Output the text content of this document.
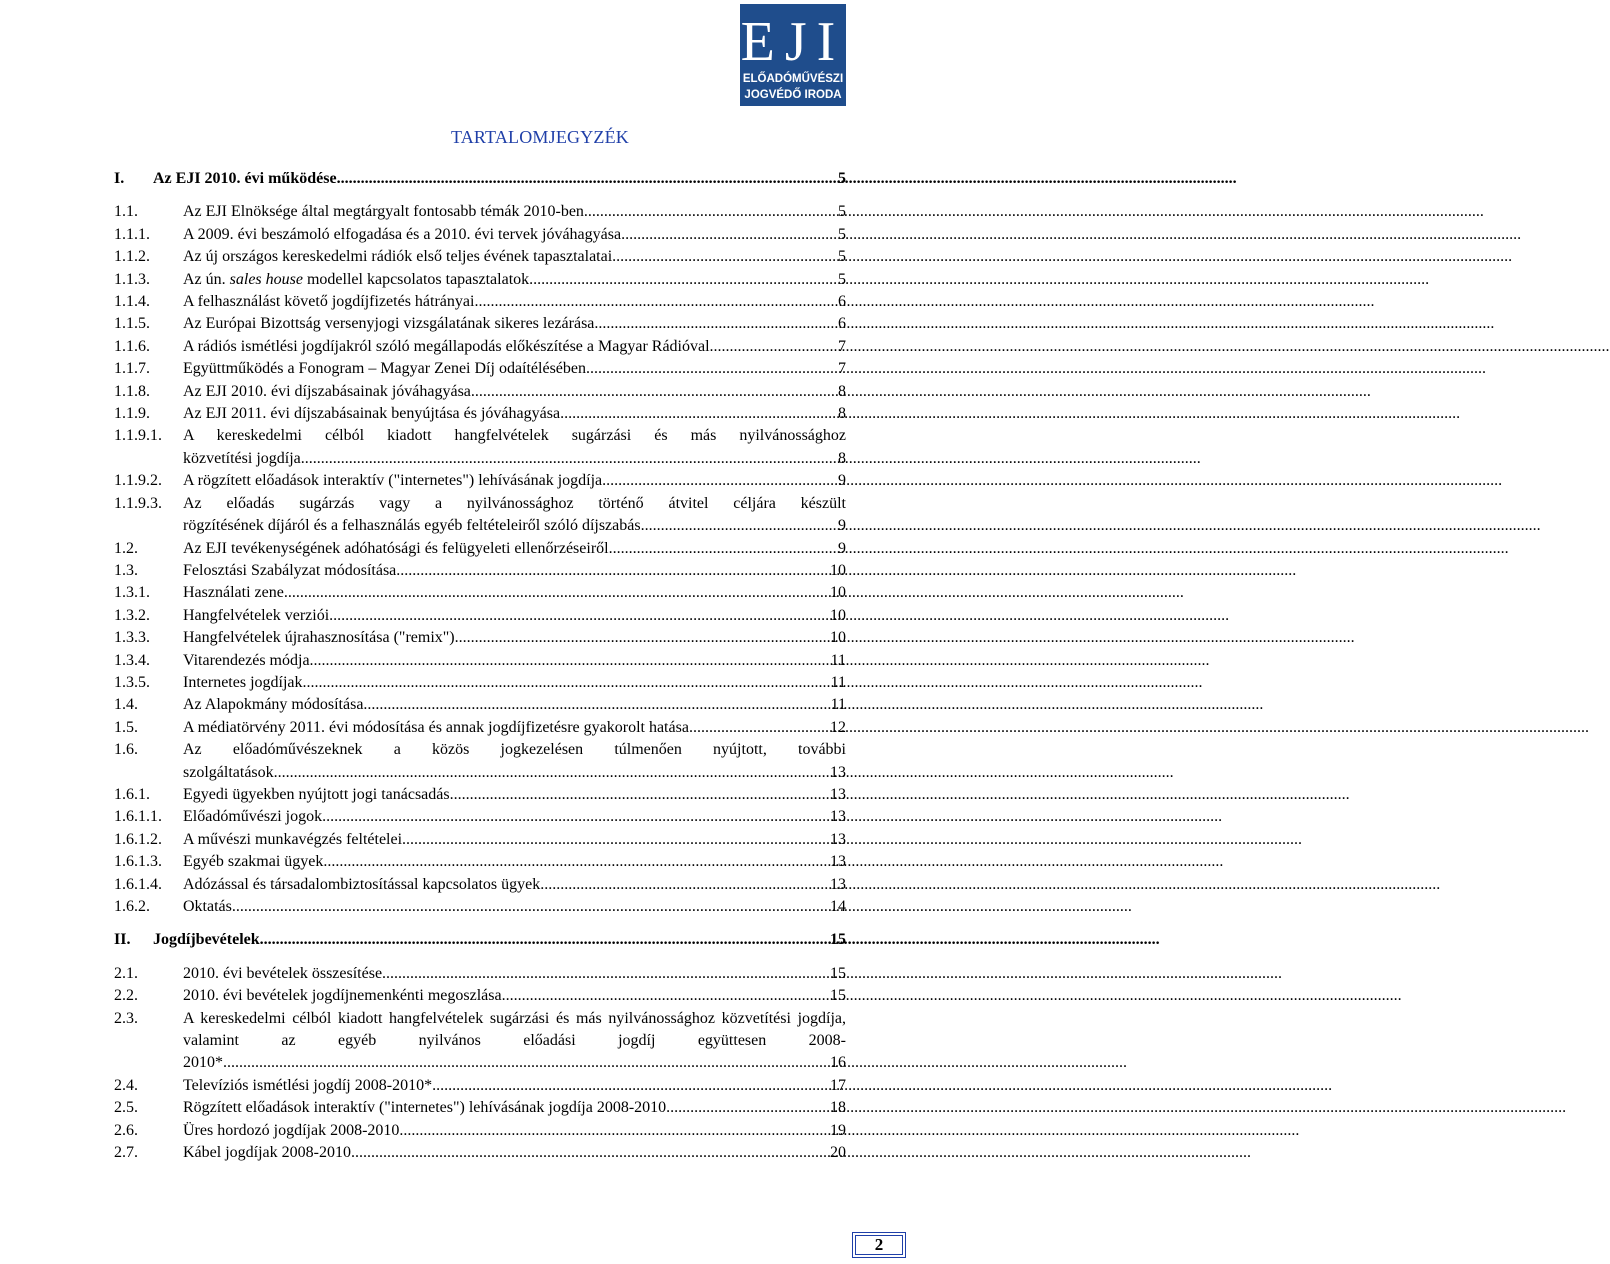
EJI
ELŐADÓMŰVÉSZI
JOGVÉDŐ IRODA
TARTALOMJEGYZÉK
I.	Az EJI 2010. évi működése .....	5
1.1.	Az EJI Elnöksége által megtárgyalt fontosabb témák 2010-ben .....	5
1.1.1.	A 2009. évi beszámoló elfogadása és a 2010. évi tervek jóváhagyása .....	5
1.1.2.	Az új országos kereskedelmi rádiók első teljes évének tapasztalatai .....	5
1.1.3.	Az ún. sales house modellel kapcsolatos tapasztalatok .....	5
1.1.4.	A felhasználást követő jogdíjfizetés hátrányai .....	6
1.1.5.	Az Európai Bizottság versenyjogi vizsgálatának sikeres lezárása .....	6
1.1.6.	A rádiós ismétlési jogdíjakról szóló megállapodás előkészítése a Magyar Rádióval .....	7
1.1.7.	Együttműködés a Fonogram – Magyar Zenei Díj odaítélésében .....	7
1.1.8.	Az EJI 2010. évi díjszabásainak jóváhagyása .....	8
1.1.9.	Az EJI 2011. évi díjszabásainak benyújtása és jóváhagyása .....	8
1.1.9.1.	A kereskedelmi célból kiadott hangfelvételek sugárzási és más nyilvánossághoz
közvetítési jogdíja .....	8
1.1.9.2.	A rögzített előadások interaktív ("internetes") lehívásának jogdíja .....	9
1.1.9.3.	Az előadás sugárzás vagy a nyilvánossághoz történő átvitel céljára készült
rögzítésének díjáról és a felhasználás egyéb feltételeiről szóló díjszabás .....	9
1.2.	Az EJI tevékenységének adóhatósági és felügyeleti ellenőrzéseiről .....	9
1.3.	Felosztási Szabályzat módosítása .....	10
1.3.1.	Használati zene .....	10
1.3.2.	Hangfelvételek verziói .....	10
1.3.3.	Hangfelvételek újrahasznosítása ("remix") .....	10
1.3.4.	Vitarendezés módja .....	11
1.3.5.	Internetes jogdíjak .....	11
1.4.	Az Alapokmány módosítása .....	11
1.5.	A médiatörvény 2011. évi módosítása és annak jogdíjfizetésre gyakorolt hatása .....	12
1.6.	Az előadóművészeknek a közös jogkezelésen túlmenően nyújtott, további
szolgáltatások .....	13
1.6.1.	Egyedi ügyekben nyújtott jogi tanácsadás .....	13
1.6.1.1.	Előadóművészi jogok .....	13
1.6.1.2.	A művészi munkavégzés feltételei .....	13
1.6.1.3.	Egyéb szakmai ügyek .....	13
1.6.1.4.	Adózással és társadalombiztosítással kapcsolatos ügyek .....	13
1.6.2.	Oktatás .....	14
II.	Jogdíjbevételek .....	15
2.1.	2010. évi bevételek összesítése .....	15
2.2.	2010. évi bevételek jogdíjnemenkénti megoszlása .....	15
2.3.	A kereskedelmi célból kiadott hangfelvételek sugárzási és más nyilvánossághoz közvetítési jogdíja, valamint az egyéb nyilvános előadási jogdíj együttesen 2008-
2010*. .....	16
2.4.	Televíziós ismétlési jogdíj 2008-2010* .....	17
2.5.	Rögzített előadások interaktív ("internetes") lehívásának jogdíja 2008-2010 .....	18
2.6.	Üres hordozó jogdíjak 2008-2010 .....	19
2.7.	Kábel jogdíjak 2008-2010 .....	20
2
